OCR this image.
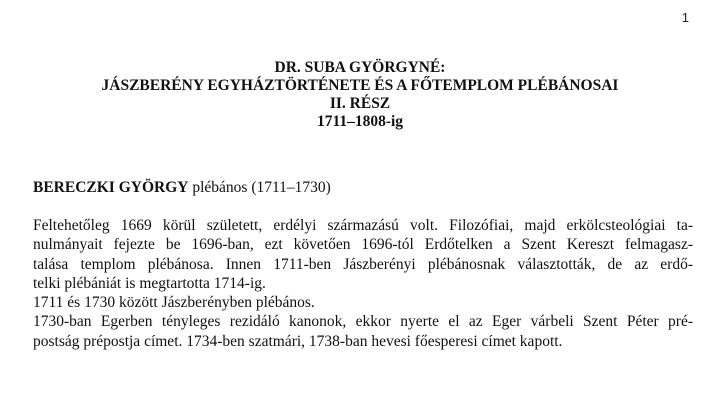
1
DR. SUBA GYÖRGYNÉ:
JÁSZBERÉNY EGYHÁZTÖRTÉNETE ÉS A FŐTEMPLOM PLÉBÁNOSAI
II. RÉSZ
1711–1808-ig
BERECZKI GYÖRGY plébános (1711–1730)
Feltehetőleg 1669 körül született, erdélyi származású volt. Filozófiai, majd erkölcsteológiai ta-
nulmányait fejezte be 1696-ban, ezt követően 1696-tól Erdőtelken a Szent Kereszt felmagasz-
talása templom plébánosa. Innen 1711-ben Jászberényi plébánosnak választották, de az erdő-
telki plébániát is megtartotta 1714-ig.
1711 és 1730 között Jászberényben plébános.
1730-ban Egerben tényleges rezidáló kanonok, ekkor nyerte el az Eger várbeli Szent Péter pré-
postság prépostja címet. 1734-ben szatmári, 1738-ban hevesi főesperesi címet kapott.
